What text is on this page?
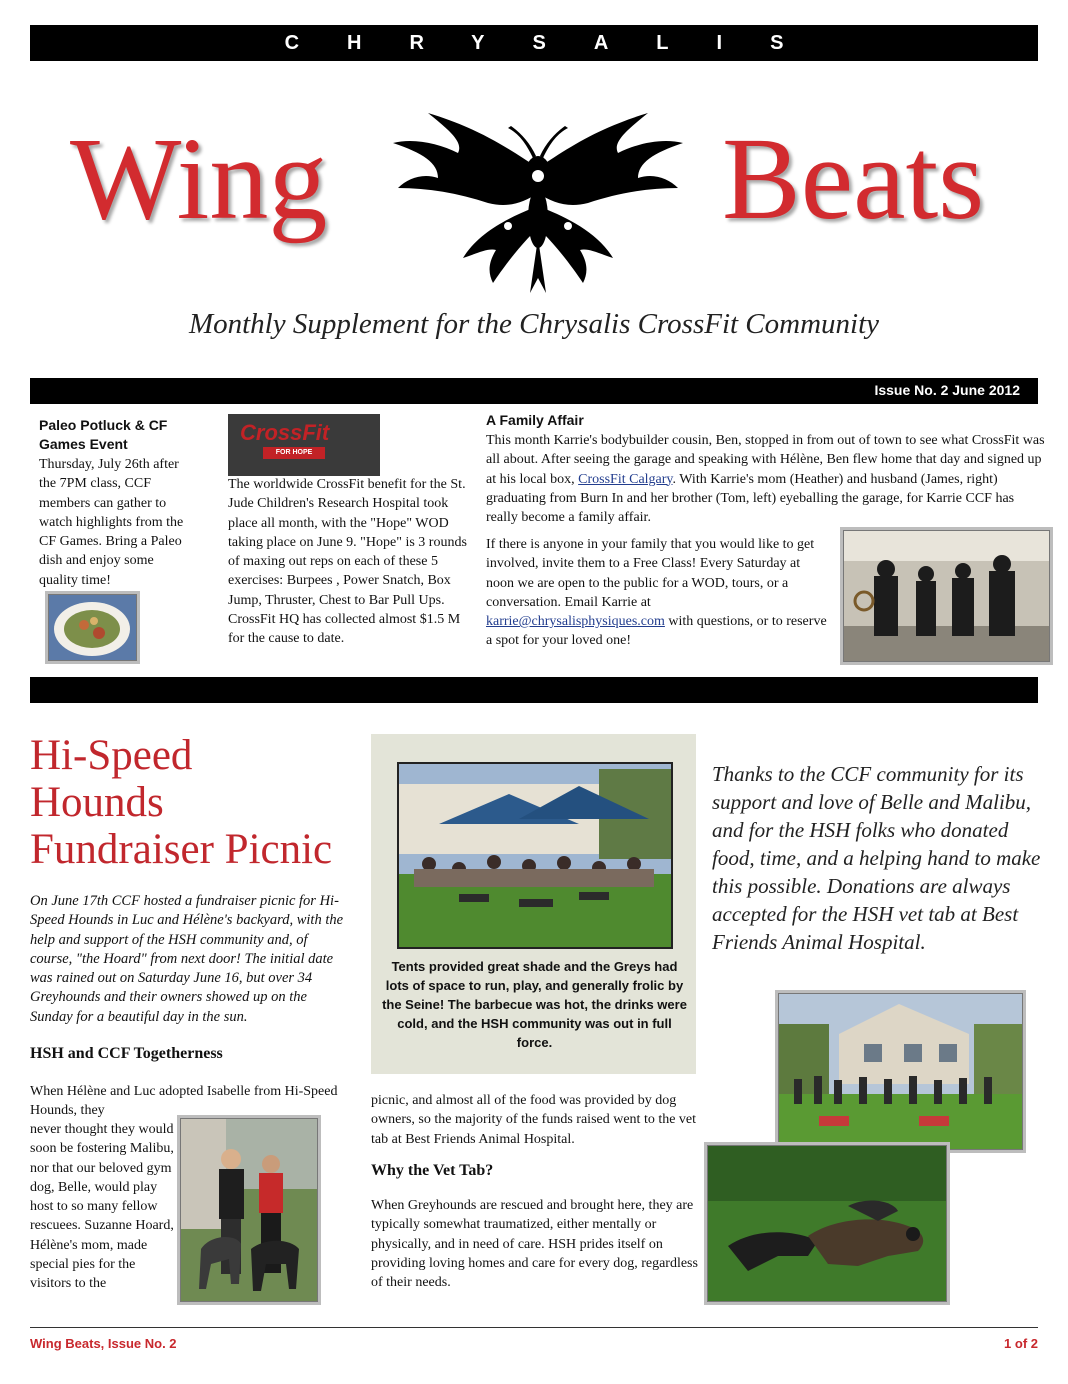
CHRYSALIS
Wing	Beats
Monthly Supplement for the Chrysalis CrossFit Community
Issue No. 2 June 2012
Paleo Potluck & CF Games Event
Thursday, July 26th after the 7PM class, CCF members can gather to watch highlights from the CF Games. Bring a Paleo dish and enjoy some quality time!
CrossFit
FOR HOPE
The worldwide CrossFit benefit for the St. Jude Children's Research Hospital took place all month, with the "Hope" WOD taking place on June 9. "Hope" is 3 rounds of maxing out reps on each of these 5 exercises: Burpees , Power Snatch, Box Jump, Thruster, Chest to Bar Pull Ups. CrossFit HQ has collected almost $1.5 M for the cause to date.
A Family Affair
This month Karrie's bodybuilder cousin, Ben, stopped in from out of town to see what CrossFit was all about. After seeing the garage and speaking with Hélène, Ben flew home that day and signed up at his local box, CrossFit Calgary. With Karrie's mom (Heather) and husband (James, right) graduating from Burn In and her brother (Tom, left) eyeballing the garage, for Karrie CCF has really become a family affair.
If there is anyone in your family that you would like to get involved, invite them to a Free Class! Every Saturday at noon we are open to the public for a WOD, tours, or a conversation. Email Karrie at karrie@chrysalisphysiques.com with questions, or to reserve a spot for your loved one!
Hi-Speed
Hounds
Fundraiser Picnic
On June 17th CCF hosted a fundraiser picnic for Hi-Speed Hounds in Luc and Hélène's backyard, with the help and support of the HSH community and, of course, "the Hoard" from next door! The initial date was rained out on Saturday June 16, but over 34 Greyhounds and their owners showed up on the Sunday for a beautiful day in the sun.
HSH and CCF Togetherness
When Hélène and Luc adopted Isabelle from Hi-Speed Hounds, they
never thought they would soon be fostering Malibu, nor that our beloved gym dog, Belle, would play host to so many fellow rescuees. Suzanne Hoard, Hélène's mom, made special pies for the visitors to the
Tents provided great shade and the Greys had lots of space to run, play, and generally frolic by the Seine! The barbecue was hot, the drinks were cold, and the HSH community was out in full force.
picnic, and almost all of the food was provided by dog owners, so the majority of the funds raised went to the vet tab at Best Friends Animal Hospital.
Why the Vet Tab?
When Greyhounds are rescued and brought here, they are typically somewhat traumatized, either mentally or physically, and in need of care. HSH prides itself on providing loving homes and care for every dog, regardless of their needs.
Thanks to the CCF community for its support and love of Belle and Malibu, and for the HSH folks who donated food, time, and a helping hand to make this possible. Donations are always accepted for the HSH vet tab at Best Friends Animal Hospital.
Wing Beats, Issue No. 2	1 of 2
